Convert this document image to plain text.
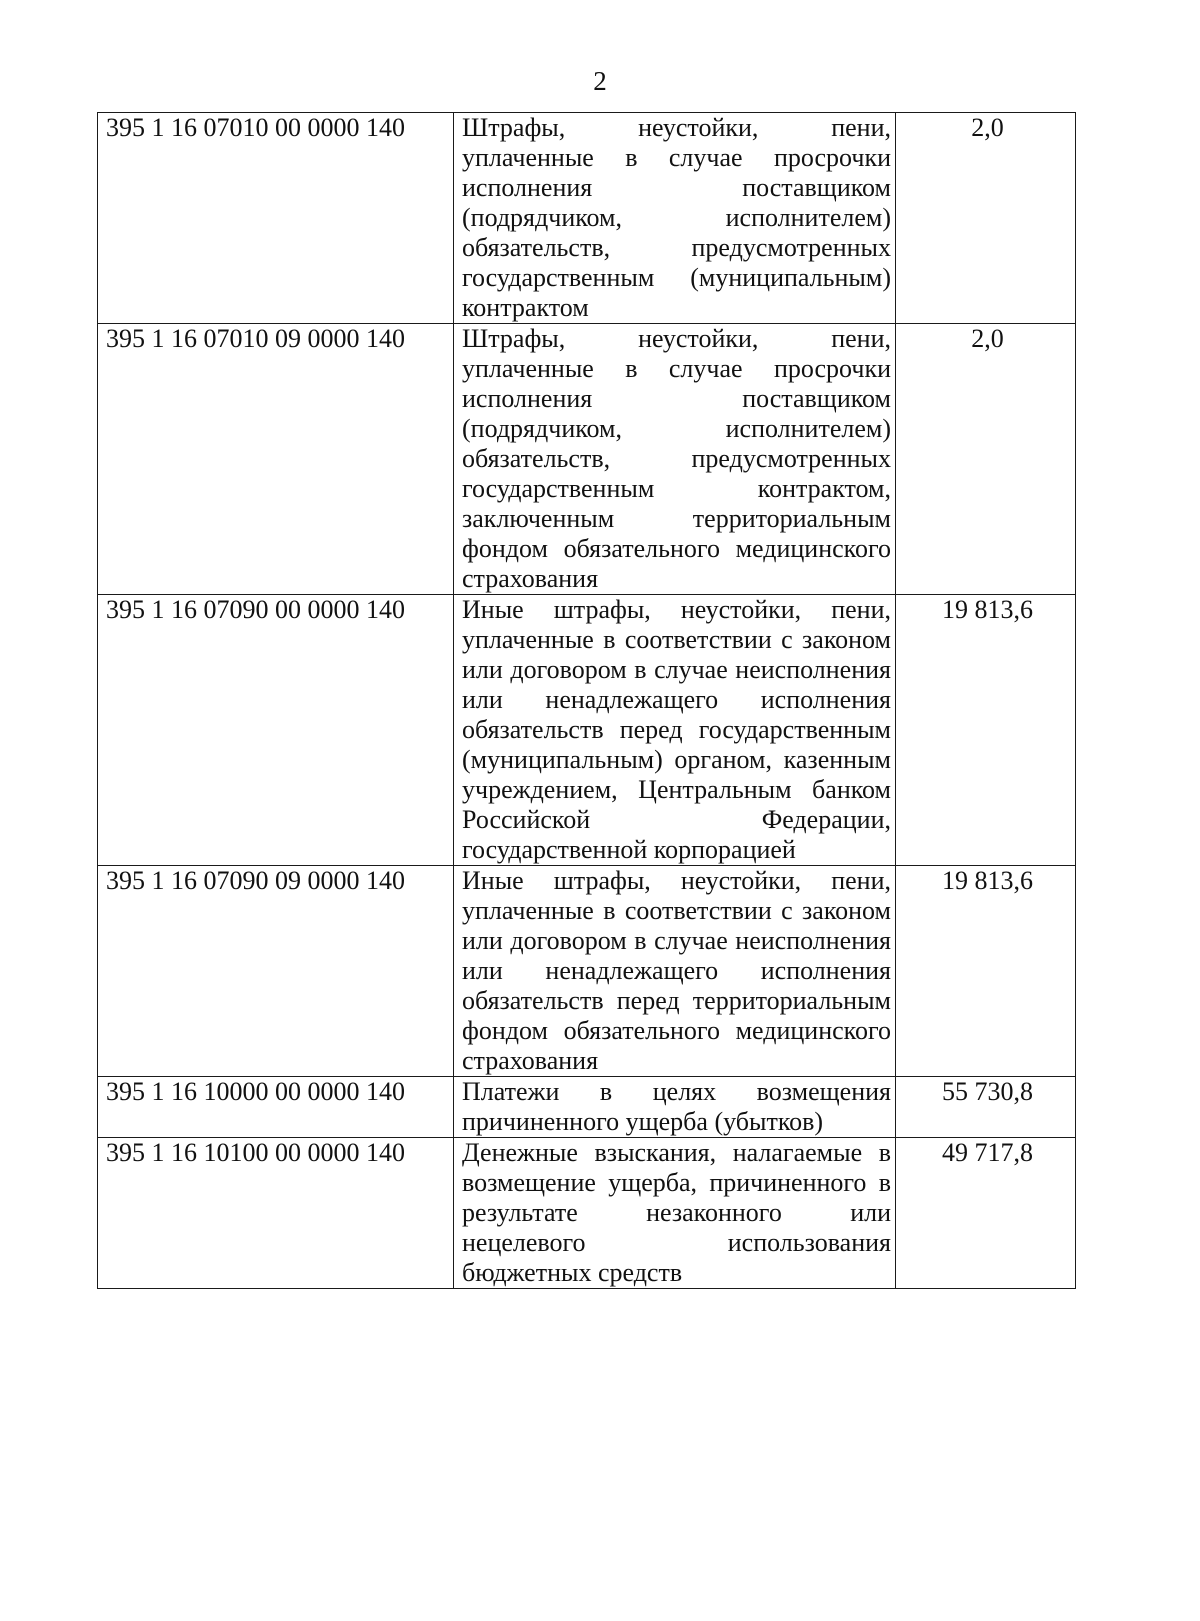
2
395 1 16 07010 00 0000 140	Штрафы, неустойки, пени, уплаченные в случае просрочки исполнения поставщиком (подрядчиком, исполнителем) обязательств, предусмотренных государственным (муниципальным) контрактом	2,0
395 1 16 07010 09 0000 140	Штрафы, неустойки, пени, уплаченные в случае просрочки исполнения поставщиком (подрядчиком, исполнителем) обязательств, предусмотренных государственным контрактом, заключенным территориальным фондом обязательного медицинского страхования	2,0
395 1 16 07090 00 0000 140	Иные штрафы, неустойки, пени, уплаченные в соответствии с законом или договором в случае неисполнения или ненадлежащего исполнения обязательств перед государственным (муниципальным) органом, казенным учреждением, Центральным банком Российской Федерации, государственной корпорацией	19 813,6
395 1 16 07090 09 0000 140	Иные штрафы, неустойки, пени, уплаченные в соответствии с законом или договором в случае неисполнения или ненадлежащего исполнения обязательств перед территориальным фондом обязательного медицинского страхования	19 813,6
395 1 16 10000 00 0000 140	Платежи в целях возмещения причиненного ущерба (убытков)	55 730,8
395 1 16 10100 00 0000 140	Денежные взыскания, налагаемые в возмещение ущерба, причиненного в результате незаконного или нецелевого использования бюджетных средств	49 717,8
